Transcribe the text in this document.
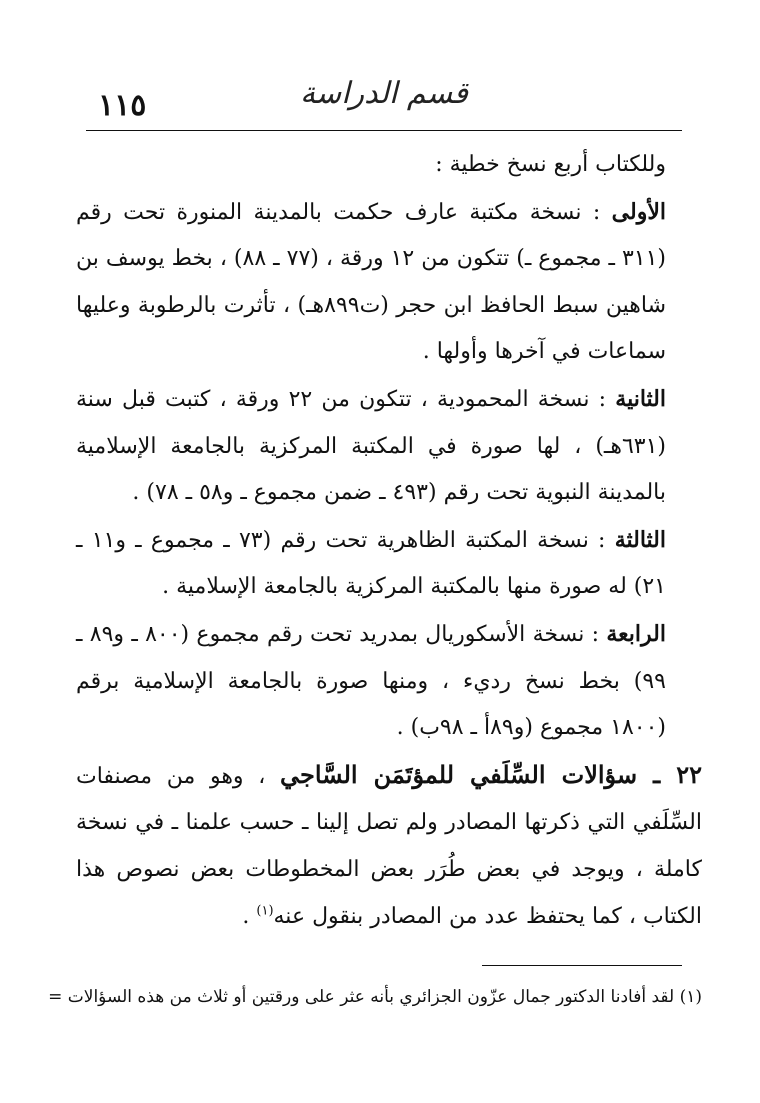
١١٥	قسم الدراسة

وللكتاب أربع نسخ خطية :

الأولى : نسخة مكتبة عارف حكمت بالمدينة المنورة تحت رقم (٣١١ ـ مجموع ـ) تتكون من ١٢ ورقة ، (٧٧ ـ ٨٨) ، بخط يوسف بن شاهين سبط الحافظ ابن حجر (ت٨٩٩هـ) ، تأثرت بالرطوبة وعليها سماعات في آخرها وأولها .

الثانية : نسخة المحمودية ، تتكون من ٢٢ ورقة ، كتبت قبل سنة (٦٣١هـ) ، لها صورة في المكتبة المركزية بالجامعة الإسلامية بالمدينة النبوية تحت رقم (٤٩٣ ـ ضمن مجموع ـ و٥٨ ـ ٧٨) .

الثالثة : نسخة المكتبة الظاهرية تحت رقم (٧٣ ـ مجموع ـ و١١ ـ ٢١) له صورة منها بالمكتبة المركزية بالجامعة الإسلامية .

الرابعة : نسخة الأسكوريال بمدريد تحت رقم مجموع (٨٠٠ ـ و٨٩ ـ ٩٩) بخط نسخ رديء ، ومنها صورة بالجامعة الإسلامية برقم (١٨٠٠ مجموع (و٨٩أ ـ ٩٨ب) .

٢٢ ـ سؤالات السِّلَفي للمؤتَمَن السَّاجي ، وهو من مصنفات السِّلَفي التي ذكرتها المصادر ولم تصل إلينا ـ حسب علمنا ـ في نسخة كاملة ، ويوجد في بعض طُرَر بعض المخطوطات بعض نصوص هذا الكتاب ، كما يحتفظ عدد من المصادر بنقول عنه$^{(١)}$ .

(١) لقد أفادنا الدكتور جمال عزّون الجزائري بأنه عثر على ورقتين أو ثلاث من هذه السؤالات =
